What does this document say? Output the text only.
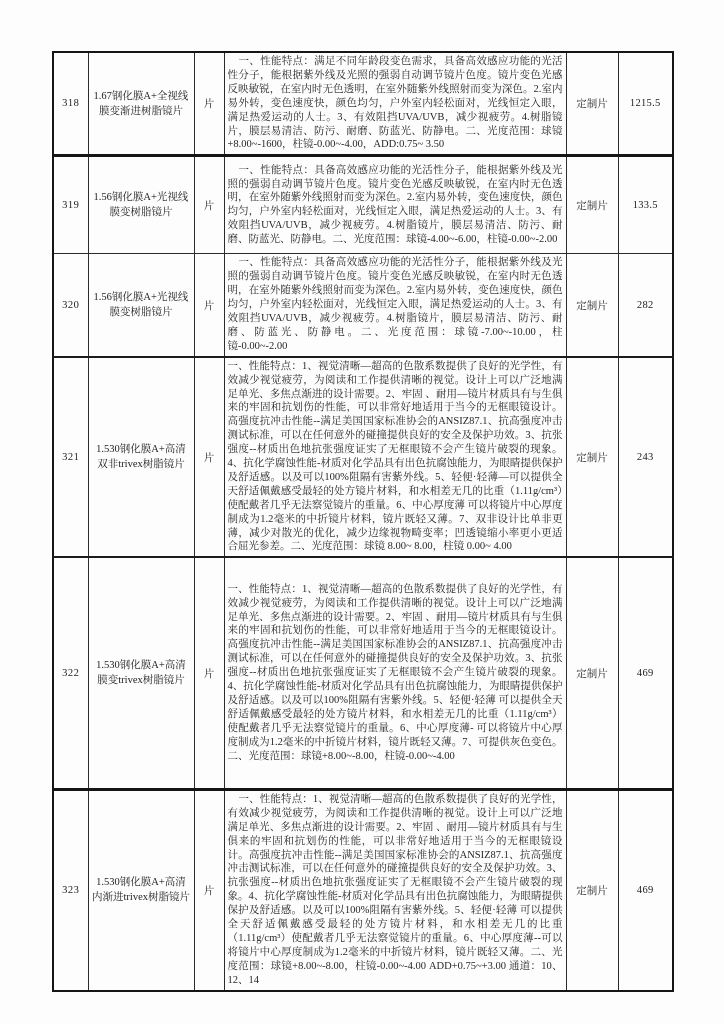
318	1.67钢化膜A+全视线膜变渐进树脂镜片	片	一、性能特点：满足不同年龄段变色需求，具备高效感应功能的光活性分子，能根据紫外线及光照的强弱自动调节镜片色度。镜片变色光感反映敏锐，在室内时无色透明，在室外随紫外线照射而变为深色。2.室内易外转，变色速度快，颜色均匀，户外室内轻松面对，光线恒定入眼，满足热爱运动的人士。3、有效阻挡UVA/UVB，减少视疲劳。4.树脂镜片，膜层易清洁、防污、耐磨、防蓝光、防静电。二、光度范围：球镜+8.00~-1600，柱镜-0.00~-4.00，ADD:0.75~ 3.50	定制片	1215.5
319	1.56钢化膜A+光视线膜变树脂镜片	片	一、性能特点：具备高效感应功能的光活性分子，能根据紫外线及光照的强弱自动调节镜片色度。镜片变色光感反映敏锐，在室内时无色透明，在室外随紫外线照射而变为深色。2.室内易外转，变色速度快，颜色均匀，户外室内轻松面对，光线恒定入眼，满足热爱运动的人士。3、有效阻挡UVA/UVB，减少视疲劳。4.树脂镜片，膜层易清洁、防污、耐磨、防蓝光、防静电。二、光度范围：球镜-4.00~-6.00，柱镜-0.00~-2.00	定制片	133.5
320	1.56钢化膜A+光视线膜变树脂镜片	片	一、性能特点：具备高效感应功能的光活性分子，能根据紫外线及光照的强弱自动调节镜片色度。镜片变色光感反映敏锐，在室内时无色透明，在室外随紫外线照射而变为深色。2.室内易外转，变色速度快，颜色均匀，户外室内轻松面对，光线恒定入眼，满足热爱运动的人士。3、有效阻挡UVA/UVB，减少视疲劳。4.树脂镜片，膜层易清洁、防污、耐磨、防蓝光、防静电。二、光度范围：球镜-7.00~-10.00，柱镜-0.00~-2.00	定制片	282
321	1.530钢化膜A+高清双非trivex树脂镜片	片	一、性能特点：1、视觉清晰—超高的色散系数提供了良好的光学性，有效减少视觉疲劳，为阅读和工作提供清晰的视觉。设计上可以广泛地满足单光、多焦点渐进的设计需要。2、牢固 、耐用—镜片材质具有与生俱来的牢固和抗划伤的性能，可以非常好地适用于当今的无框眼镜设计。高强度抗冲击性能--满足美国国家标准协会的ANSIZ87.1、抗高强度冲击测试标准，可以在任何意外的碰撞提供良好的安全及保护功效。3、抗张强度--材质出色地抗张强度证实了无框眼镜不会产生镜片破裂的现象。4、抗化学腐蚀性能-材质对化学品具有出色抗腐蚀能力，为眼睛提供保护及舒适感。以及可以100%阻隔有害紫外线。5、轻便·轻薄—可以提供全天舒适佩戴感受最轻的处方镜片材料，和水相差无几的比重（1.11g/cm³）使配戴者几乎无法察觉镜片的重量。6、中心厚度薄 可以将镜片中心厚度制成为1.2毫米的中折镜片材料，镜片既轻又薄。7、双非设计比单非更薄，减少对散光的优化，减少边缘视物畸变率；凹透镜缩小率更小更适合屈光参差。二、光度范围：球镜 8.00~ 8.00，柱镜 0.00~ 4.00	定制片	243
322	1.530钢化膜A+高清膜变trivex树脂镜片	片	一、性能特点：1、视觉清晰—超高的色散系数提供了良好的光学性，有效减少视觉疲劳，为阅读和工作提供清晰的视觉。设计上可以广泛地满足单光、多焦点渐进的设计需要。2、牢固 、耐用—镜片材质具有与生俱来的牢固和抗划伤的性能，可以非常好地适用于当今的无框眼镜设计。高强度抗冲击性能--满足美国国家标准协会的ANSIZ87.1、抗高强度冲击测试标准，可以在任何意外的碰撞提供良好的安全及保护功效。3、抗张强度--材质出色地抗张强度证实了无框眼镜不会产生镜片破裂的现象。4、抗化学腐蚀性能-材质对化学品具有出色抗腐蚀能力，为眼睛提供保护及舒适感。以及可以100%阻隔有害紫外线。5、轻便·轻薄 可以提供全天舒适佩戴感受最轻的处方镜片材料，和水相差无几的比重（1.11g/cm³）使配戴者几乎无法察觉镜片的重量。6、中心厚度薄- 可以将镜片中心厚度制成为1.2毫米的中折镜片材料，镜片既轻又薄。7、可提供灰色变色。二、光度范围：球镜+8.00~-8.00，柱镜-0.00~-4.00	定制片	469
323	1.530钢化膜A+高清内渐进trivex树脂镜片	片	一、性能特点：1、视觉清晰—超高的色散系数提供了良好的光学性，有效减少视觉疲劳，为阅读和工作提供清晰的视觉。设计上可以广泛地满足单光、多焦点渐进的设计需要。2、牢固 、耐用—镜片材质具有与生俱来的牢固和抗划伤的性能，可以非常好地适用于当今的无框眼镜设计。高强度抗冲击性能--满足美国国家标准协会的ANSIZ87.1、抗高强度冲击测试标准，可以在任何意外的碰撞提供良好的安全及保护功效。3、抗张强度--材质出色地抗张强度证实了无框眼镜不会产生镜片破裂的现象。4、抗化学腐蚀性能-材质对化学品具有出色抗腐蚀能力，为眼睛提供保护及舒适感。以及可以100%阻隔有害紫外线。5、轻便·轻薄 可以提供全天舒适佩戴感受最轻的处方镜片材料，和水相差无几的比重（1.11g/cm³）使配戴者几乎无法察觉镜片的重量。6、中心厚度薄--可以将镜片中心厚度制成为1.2毫米的中折镜片材料，镜片既轻又薄。二、光度范围：球镜+8.00~-8.00，柱镜-0.00~-4.00 ADD+0.75~+3.00 通道：10、12、14	定制片	469
